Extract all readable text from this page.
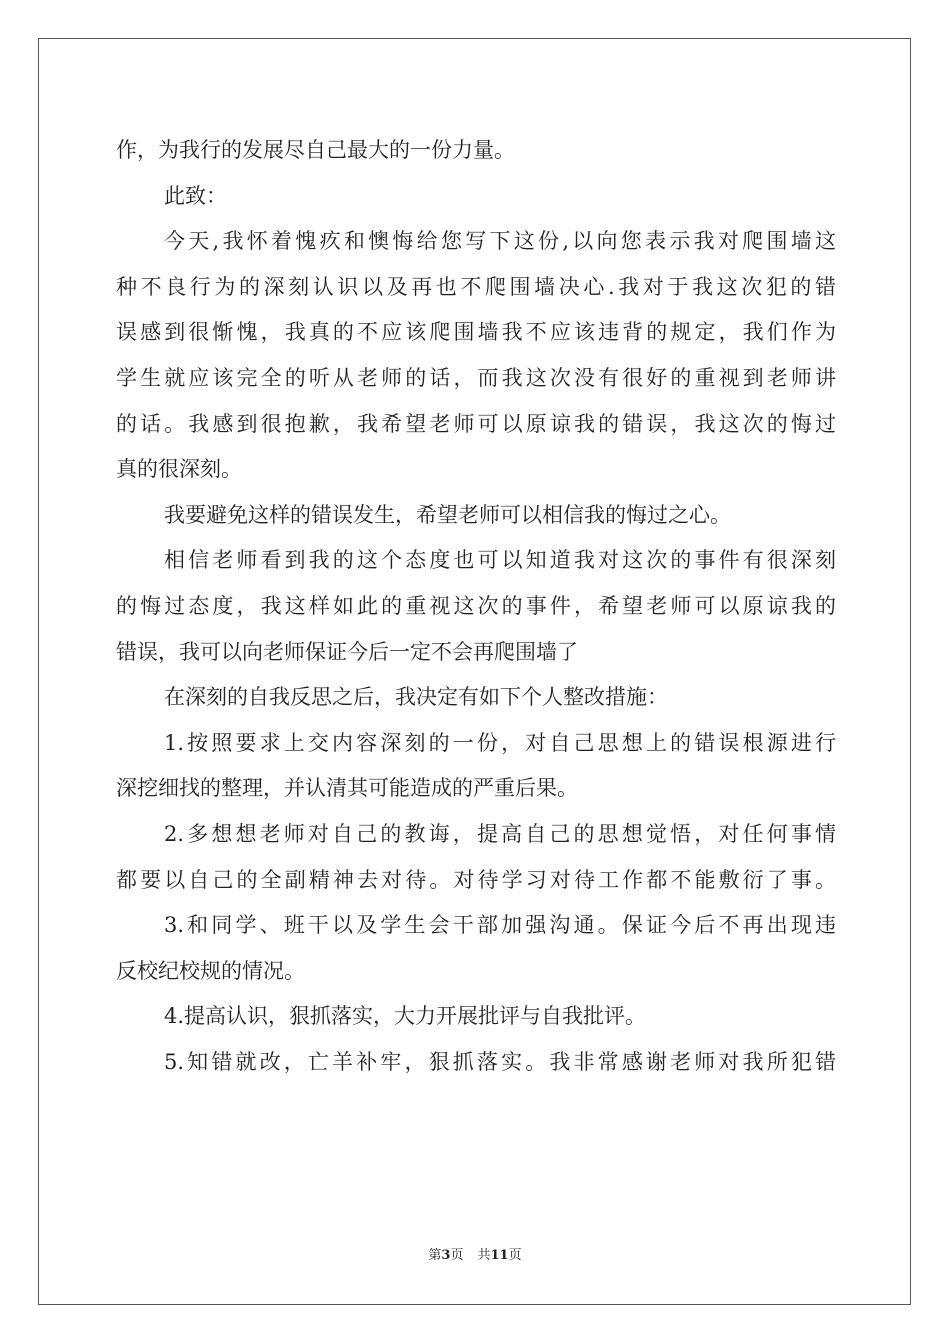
作，为我行的发展尽自己最大的一份力量。
此致：
今天,我怀着愧疚和懊悔给您写下这份,以向您表示我对爬围墙这
种不良行为的深刻认识以及再也不爬围墙决心.我对于我这次犯的错
误感到很惭愧，我真的不应该爬围墙我不应该违背的规定，我们作为
学生就应该完全的听从老师的话，而我这次没有很好的重视到老师讲
的话。我感到很抱歉，我希望老师可以原谅我的错误，我这次的悔过
真的很深刻。
我要避免这样的错误发生，希望老师可以相信我的悔过之心。
相信老师看到我的这个态度也可以知道我对这次的事件有很深刻
的悔过态度，我这样如此的重视这次的事件，希望老师可以原谅我的
错误，我可以向老师保证今后一定不会再爬围墙了
在深刻的自我反思之后，我决定有如下个人整改措施：
1.按照要求上交内容深刻的一份，对自己思想上的错误根源进行
深挖细找的整理，并认清其可能造成的严重后果。
2.多想想老师对自己的教诲，提高自己的思想觉悟，对任何事情
都要以自己的全副精神去对待。对待学习对待工作都不能敷衍了事。
3.和同学、班干以及学生会干部加强沟通。保证今后不再出现违
反校纪校规的情况。
4.提高认识，狠抓落实，大力开展批评与自我批评。
5.知错就改，亡羊补牢，狠抓落实。我非常感谢老师对我所犯错
第3页 共11页
